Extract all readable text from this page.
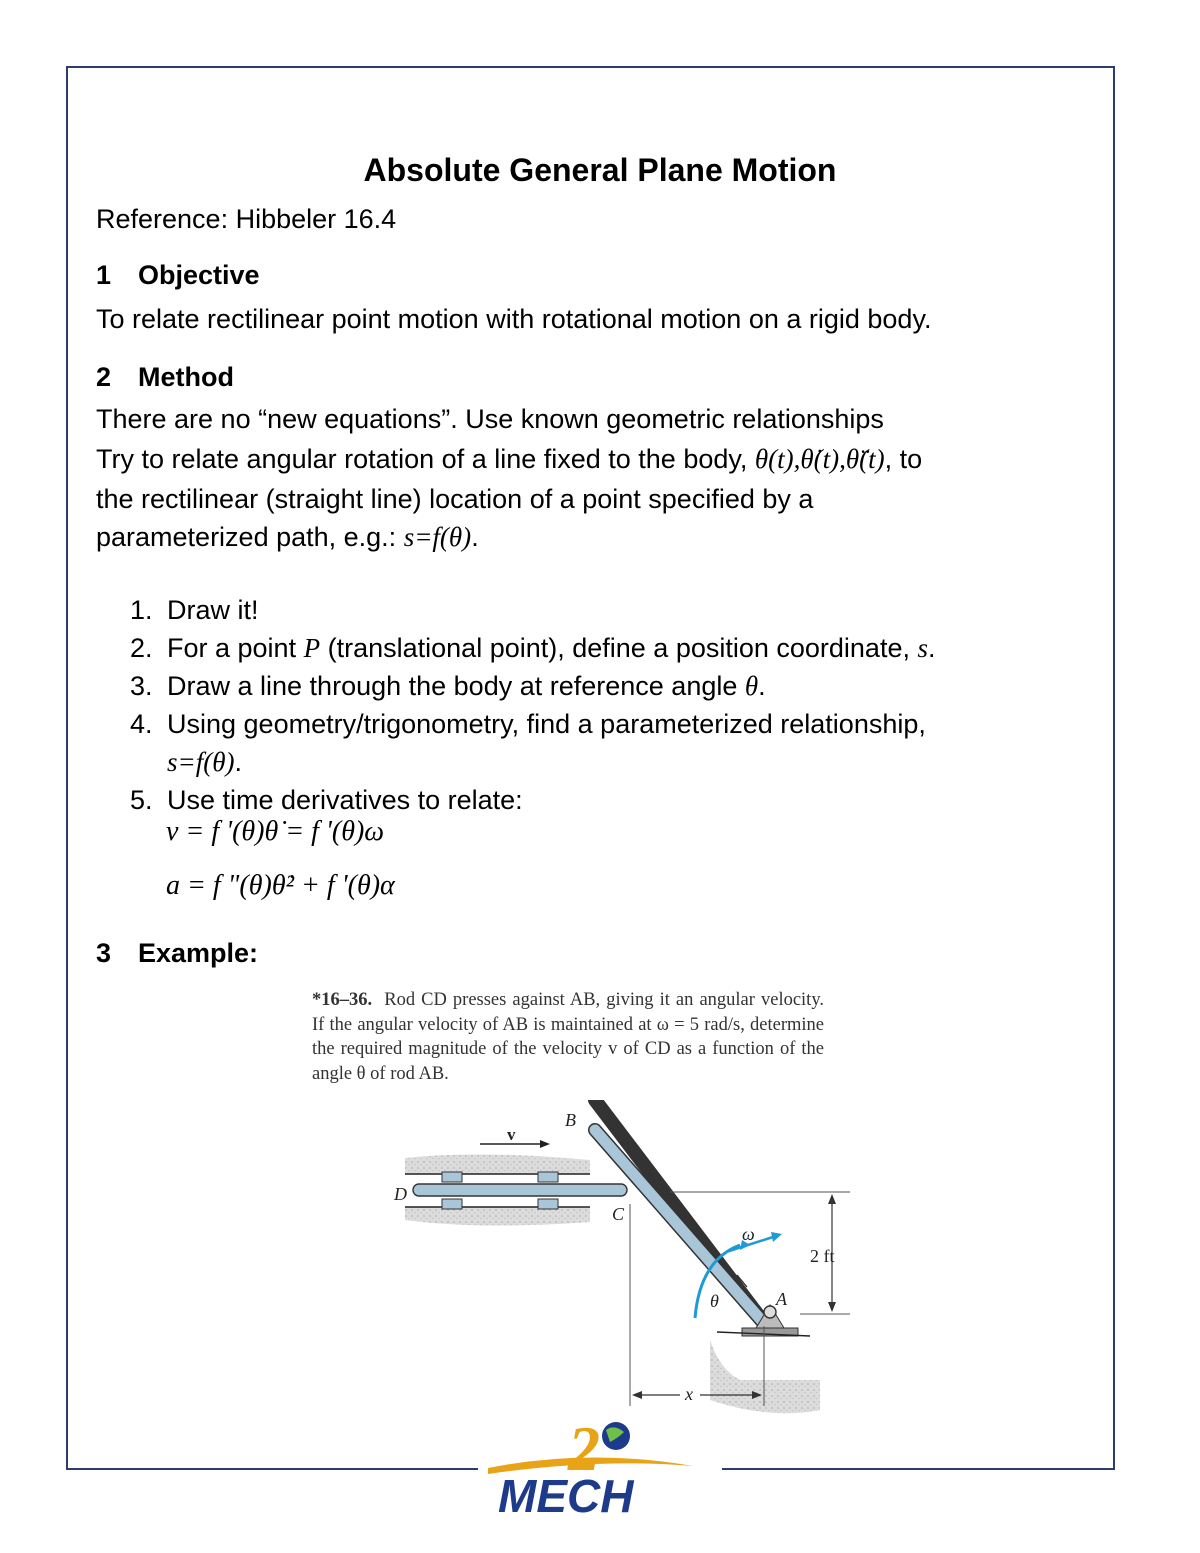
Absolute General Plane Motion

Reference: Hibbeler 16.4

1 Objective

To relate rectilinear point motion with rotational motion on a rigid body.

2 Method

There are no “new equations”. Use known geometric relationships

Try to relate angular rotation of a line fixed to the body, θ(t),θ̇(t),θ̈(t), to

the rectilinear (straight line) location of a point specified by a

parameterized path, e.g.: s=f(θ).

1. Draw it!
2. For a point P (translational point), define a position coordinate, s.
3. Draw a line through the body at reference angle θ.
4. Using geometry/trigonometry, find a parameterized relationship,
s=f(θ).
5. Use time derivatives to relate:
v = f '(θ)θ̇ = f '(θ)ω
a = f "(θ)θ̇² + f '(θ)α

3 Example:

*16–36. Rod CD presses against AB, giving it an angular velocity. If the angular velocity of AB is maintained at ω = 5 rad/s, determine the required magnitude of the velocity v of CD as a function of the angle θ of rod AB.
B
D
C
ω
θ	A
x
v
2 ft
2
MECH
